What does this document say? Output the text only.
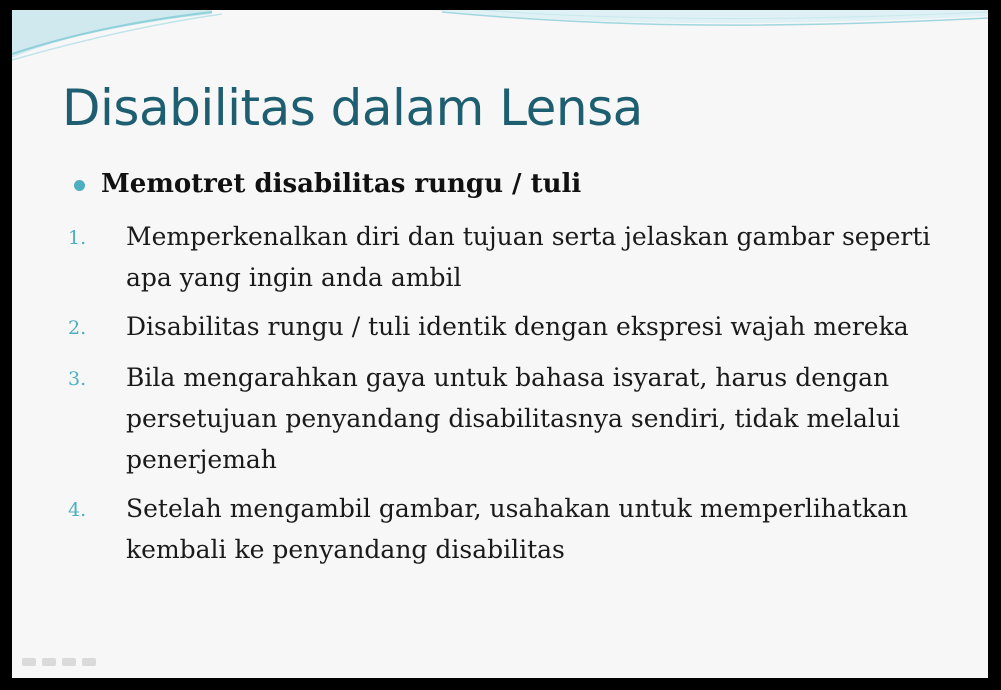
Disabilitas dalam Lensa
Memotret disabilitas rungu / tuli
1.	Memperkenalkan diri dan tujuan serta jelaskan gambar seperti apa yang ingin anda ambil
2.	Disabilitas rungu / tuli identik dengan ekspresi wajah mereka
3.	Bila mengarahkan gaya untuk bahasa isyarat, harus dengan persetujuan penyandang disabilitasnya sendiri, tidak melalui penerjemah
4.	Setelah mengambil gambar, usahakan untuk memperlihatkan kembali ke penyandang disabilitas
